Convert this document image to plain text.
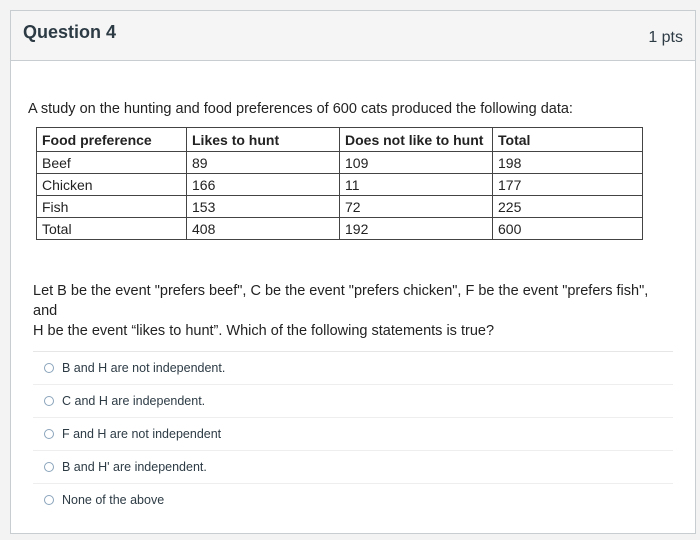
Question 4	1 pts
A study on the hunting and food preferences of 600 cats produced the following data:
Food preference	Likes to hunt	Does not like to hunt	Total
Beef	89	109	198
Chicken	166	11	177
Fish	153	72	225
Total	408	192	600
Let B be the event "prefers beef", C be the event "prefers chicken", F be the event "prefers fish", and
H be the event “likes to hunt”. Which of the following statements is true?
B and H are not independent.
C and H are independent.
F and H are not independent
B and H' are independent.
None of the above
